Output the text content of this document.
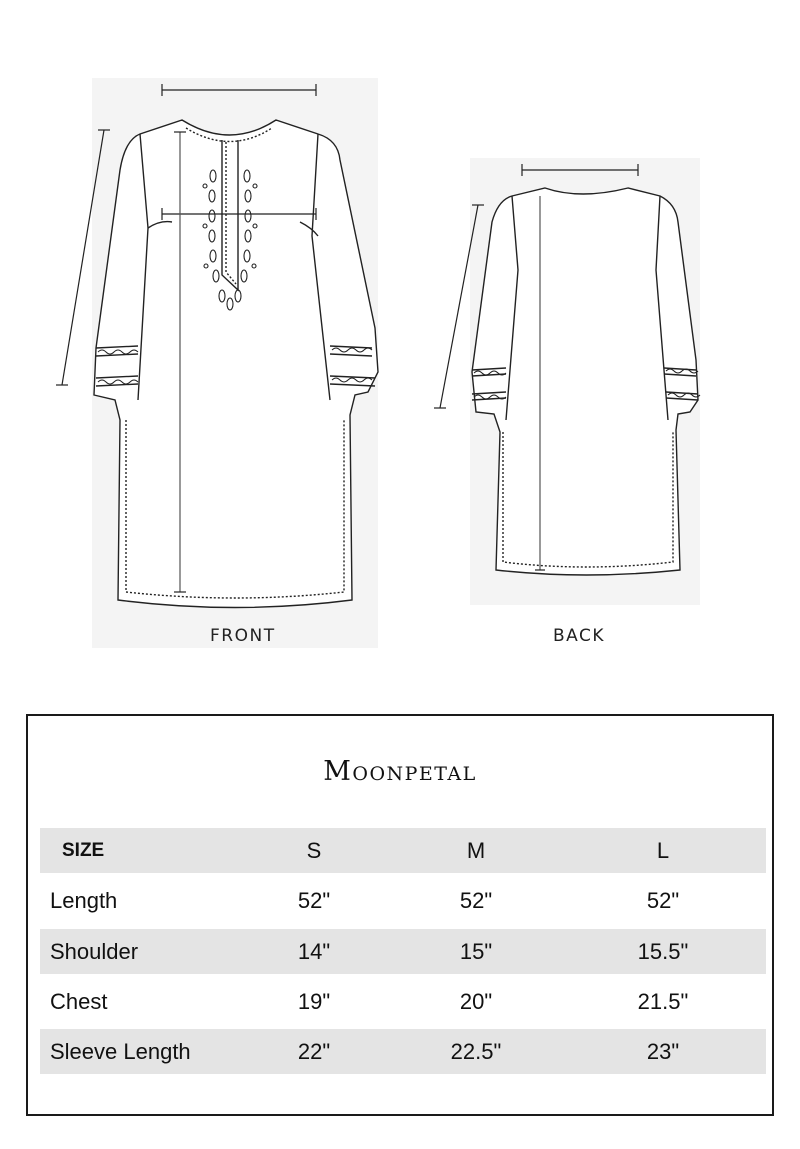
FRONT	BACK
Moonpetal
SIZE	S	M	L
Length	52"	52"	52"
Shoulder	14"	15"	15.5"
Chest	19"	20"	21.5"
Sleeve Length	22"	22.5"	23"
